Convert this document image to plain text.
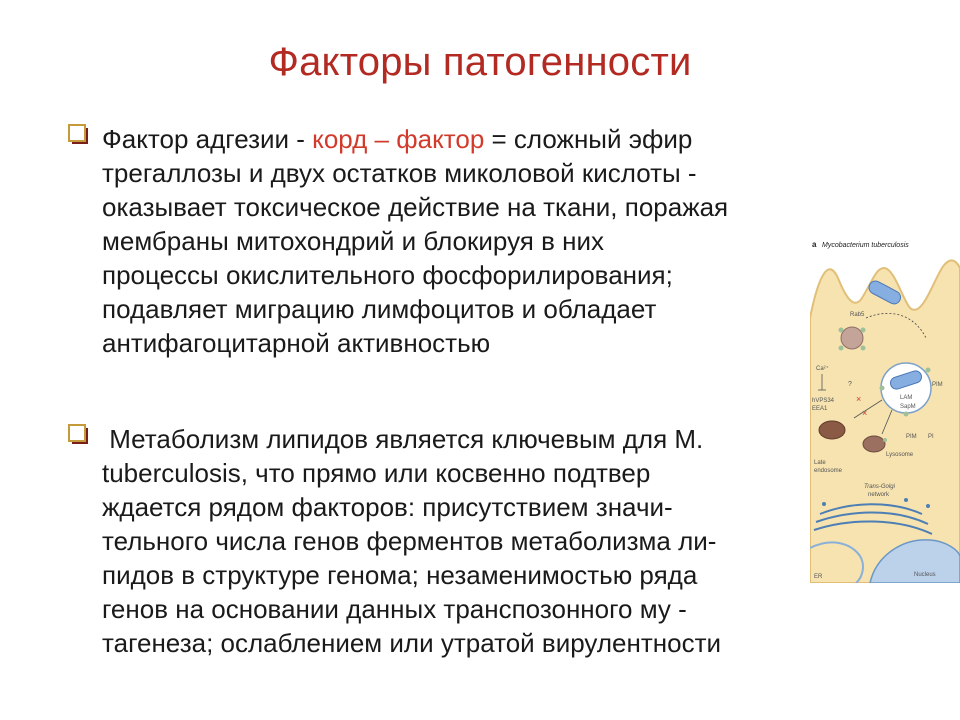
Факторы патогенности
Фактор адгезии - корд – фактор = сложный эфир
трегаллозы и двух остатков миколовой кислоты -
оказывает токсическое действие на ткани, поражая
мембраны митохондрий и блокируя в них
процессы окислительного фосфорилирования;
подавляет миграцию лимфоцитов и обладает
антифагоцитарной активностью
Метаболизм липидов является ключевым для M.
tuberculosis, что прямо или косвенно подтвер
ждается рядом факторов: присутствием значи-
тельного числа генов ферментов метаболизма ли-
пидов в структуре генома; незаменимостью ряда
генов на основании данных транспозонного му -
тагенеза; ослаблением или утратой вирулентности
a Mycobacterium tuberculosis
Rab5
Ca²⁺
?
hVPS34
EEA1
×
PIM
LAM
SapM
×
Late
endosome
Lysosome
PIM PI
Trans-Golgi
network
ER	Nucleus
